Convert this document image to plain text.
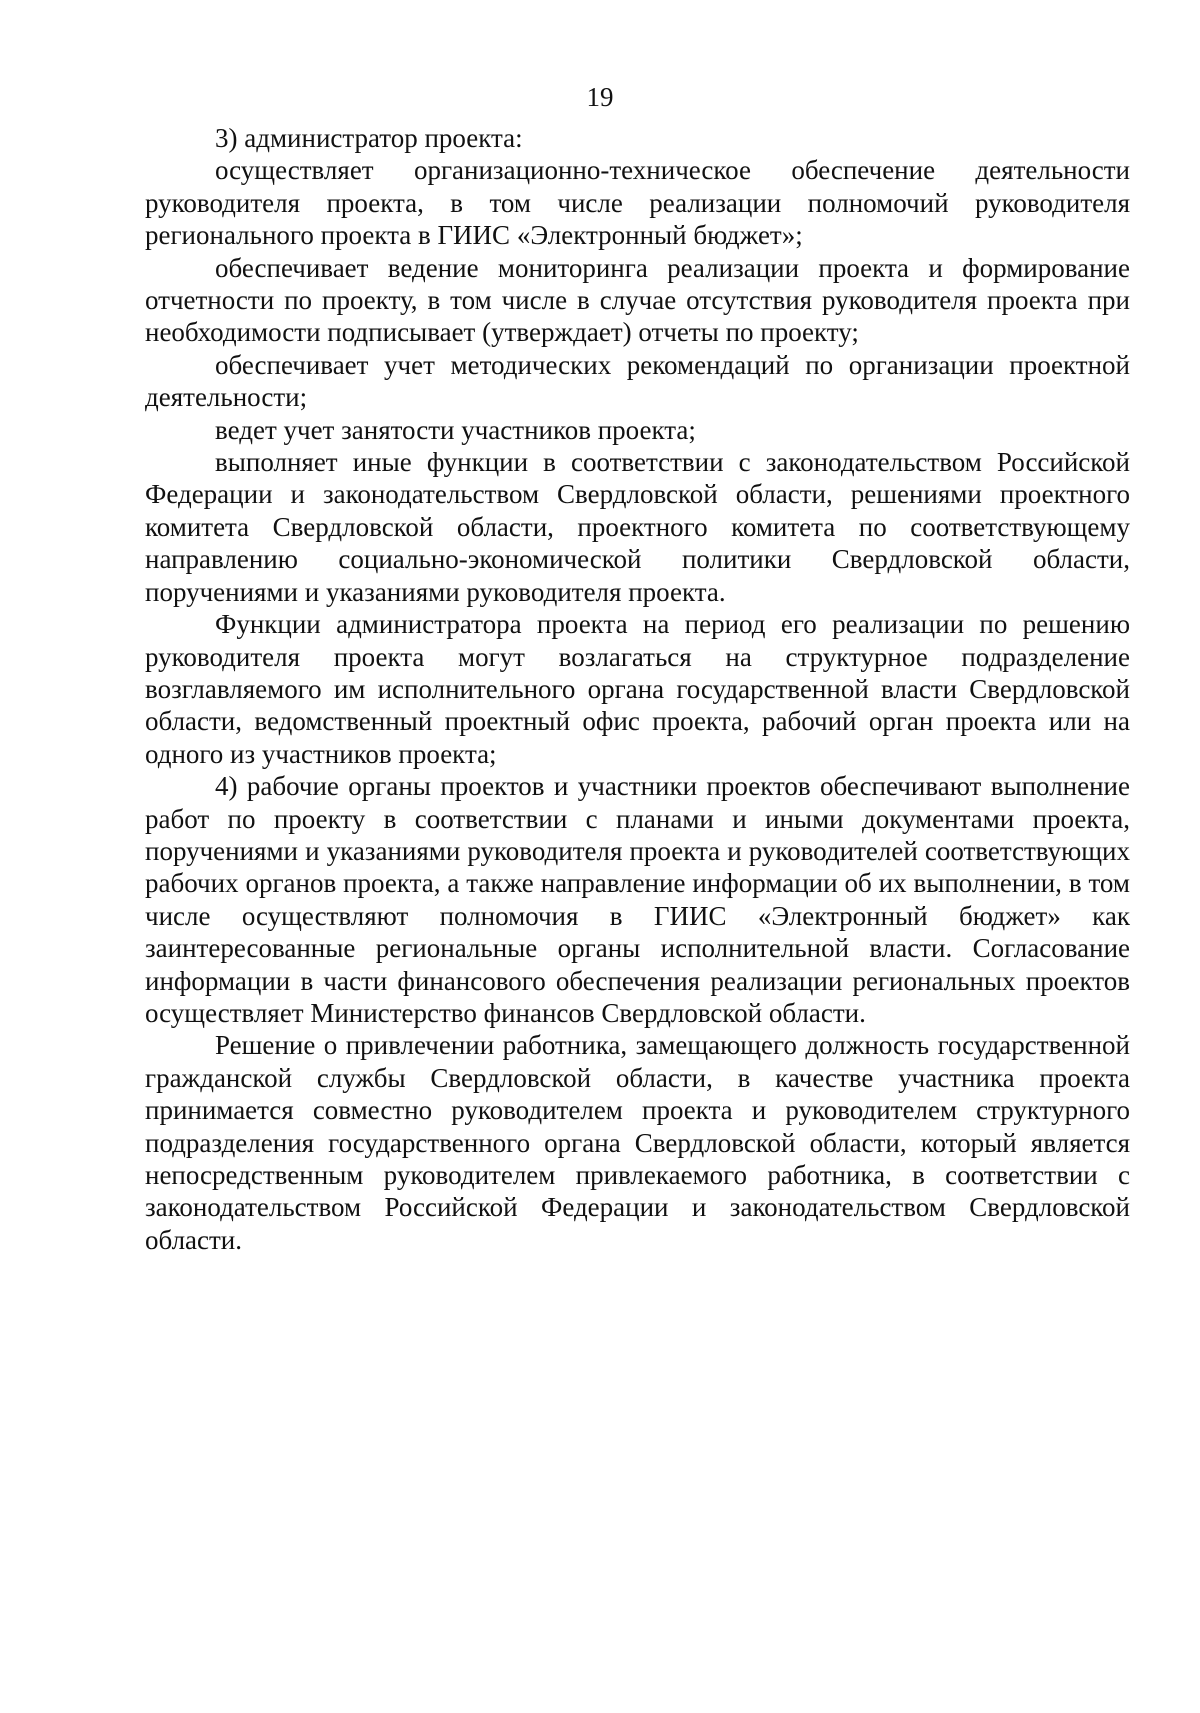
19

3) администратор проекта:

осуществляет организационно-техническое обеспечение деятельности руководителя проекта, в том числе реализации полномочий руководителя регионального проекта в ГИИС «Электронный бюджет»;

обеспечивает ведение мониторинга реализации проекта и формирование отчетности по проекту, в том числе в случае отсутствия руководителя проекта при необходимости подписывает (утверждает) отчеты по проекту;

обеспечивает учет методических рекомендаций по организации проектной деятельности;

ведет учет занятости участников проекта;

выполняет иные функции в соответствии с законодательством Российской Федерации и законодательством Свердловской области, решениями проектного комитета Свердловской области, проектного комитета по соответствующему направлению социально-экономической политики Свердловской области, поручениями и указаниями руководителя проекта.

Функции администратора проекта на период его реализации по решению руководителя проекта могут возлагаться на структурное подразделение возглавляемого им исполнительного органа государственной власти Свердловской области, ведомственный проектный офис проекта, рабочий орган проекта или на одного из участников проекта;

4) рабочие органы проектов и участники проектов обеспечивают выполнение работ по проекту в соответствии с планами и иными документами проекта, поручениями и указаниями руководителя проекта и руководителей соответствующих рабочих органов проекта, а также направление информации об их выполнении, в том числе осуществляют полномочия в ГИИС «Электронный бюджет» как заинтересованные региональные органы исполнительной власти. Согласование информации в части финансового обеспечения реализации региональных проектов осуществляет Министерство финансов Свердловской области.

Решение о привлечении работника, замещающего должность государственной гражданской службы Свердловской области, в качестве участника проекта принимается совместно руководителем проекта и руководителем структурного подразделения государственного органа Свердловской области, который является непосредственным руководителем привлекаемого работника, в соответствии с законодательством Российской Федерации и законодательством Свердловской области.
